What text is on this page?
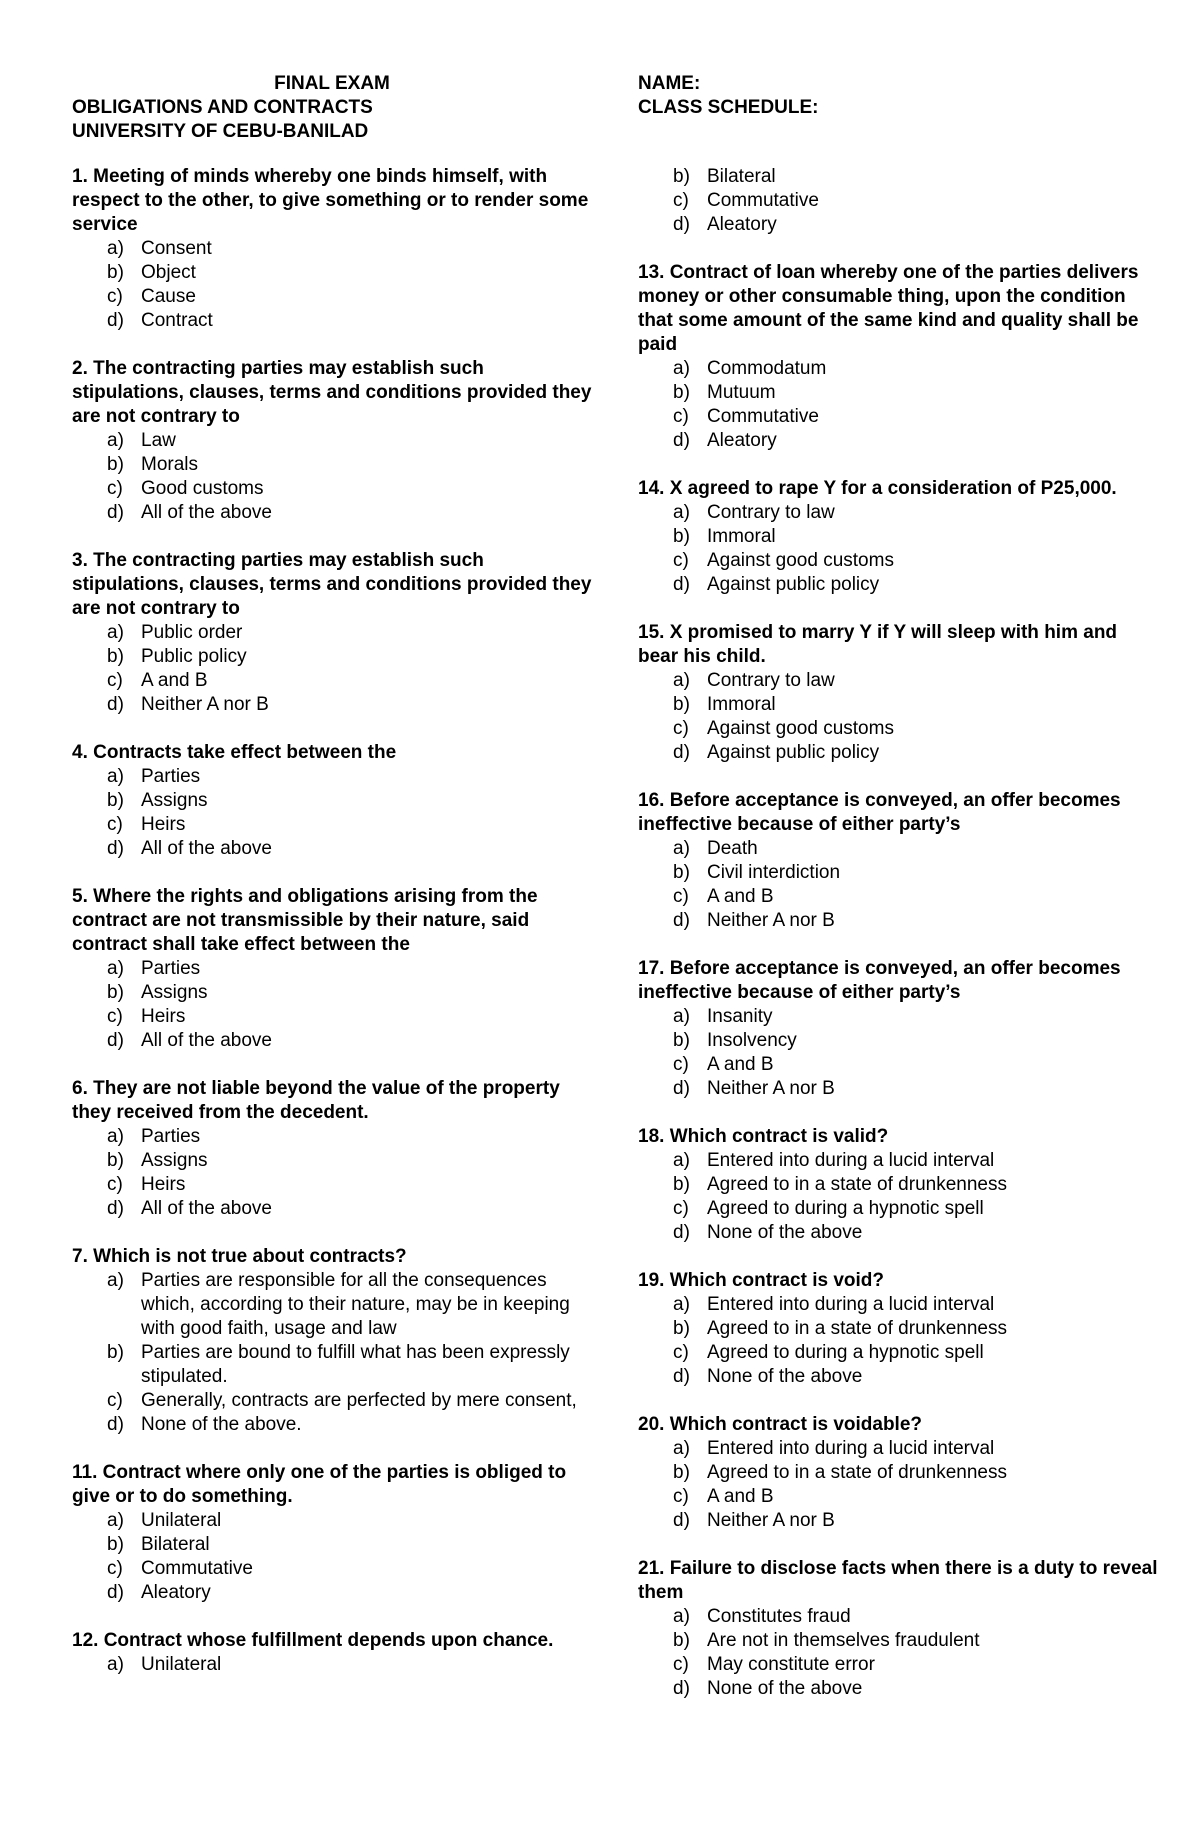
FINAL EXAM
OBLIGATIONS AND CONTRACTS
UNIVERSITY OF CEBU-BANILAD
NAME:
CLASS SCHEDULE:
1. Meeting of minds whereby one binds himself, with respect to the other, to give something or to render some service
a) Consent
b) Object
c) Cause
d) Contract
2. The contracting parties may establish such stipulations, clauses, terms and conditions provided they are not contrary to
a) Law
b) Morals
c) Good customs
d) All of the above
3. The contracting parties may establish such stipulations, clauses, terms and conditions provided they are not contrary to
a) Public order
b) Public policy
c) A and B
d) Neither A nor B
4. Contracts take effect between the
a) Parties
b) Assigns
c) Heirs
d) All of the above
5. Where the rights and obligations arising from the contract are not transmissible by their nature, said contract shall take effect between the
a) Parties
b) Assigns
c) Heirs
d) All of the above
6. They are not liable beyond the value of the property they received from the decedent.
a) Parties
b) Assigns
c) Heirs
d) All of the above
7. Which is not true about contracts?
a) Parties are responsible for all the consequences which, according to their nature, may be in keeping with good faith, usage and law
b) Parties are bound to fulfill what has been expressly stipulated.
c) Generally, contracts are perfected by mere consent,
d) None of the above.
11. Contract where only one of the parties is obliged to give or to do something.
a) Unilateral
b) Bilateral
c) Commutative
d) Aleatory
12. Contract whose fulfillment depends upon chance.
a) Unilateral
b) Bilateral
c) Commutative
d) Aleatory
13. Contract of loan whereby one of the parties delivers money or other consumable thing, upon the condition that some amount of the same kind and quality shall be paid
a) Commodatum
b) Mutuum
c) Commutative
d) Aleatory
14. X agreed to rape Y for a consideration of P25,000.
a) Contrary to law
b) Immoral
c) Against good customs
d) Against public policy
15. X promised to marry Y if Y will sleep with him and bear his child.
a) Contrary to law
b) Immoral
c) Against good customs
d) Against public policy
16. Before acceptance is conveyed, an offer becomes ineffective because of either party’s
a) Death
b) Civil interdiction
c) A and B
d) Neither A nor B
17. Before acceptance is conveyed, an offer becomes ineffective because of either party’s
a) Insanity
b) Insolvency
c) A and B
d) Neither A nor B
18. Which contract is valid?
a) Entered into during a lucid interval
b) Agreed to in a state of drunkenness
c) Agreed to during a hypnotic spell
d) None of the above
19. Which contract is void?
a) Entered into during a lucid interval
b) Agreed to in a state of drunkenness
c) Agreed to during a hypnotic spell
d) None of the above
20. Which contract is voidable?
a) Entered into during a lucid interval
b) Agreed to in a state of drunkenness
c) A and B
d) Neither A nor B
21. Failure to disclose facts when there is a duty to reveal them
a) Constitutes fraud
b) Are not in themselves fraudulent
c) May constitute error
d) None of the above
